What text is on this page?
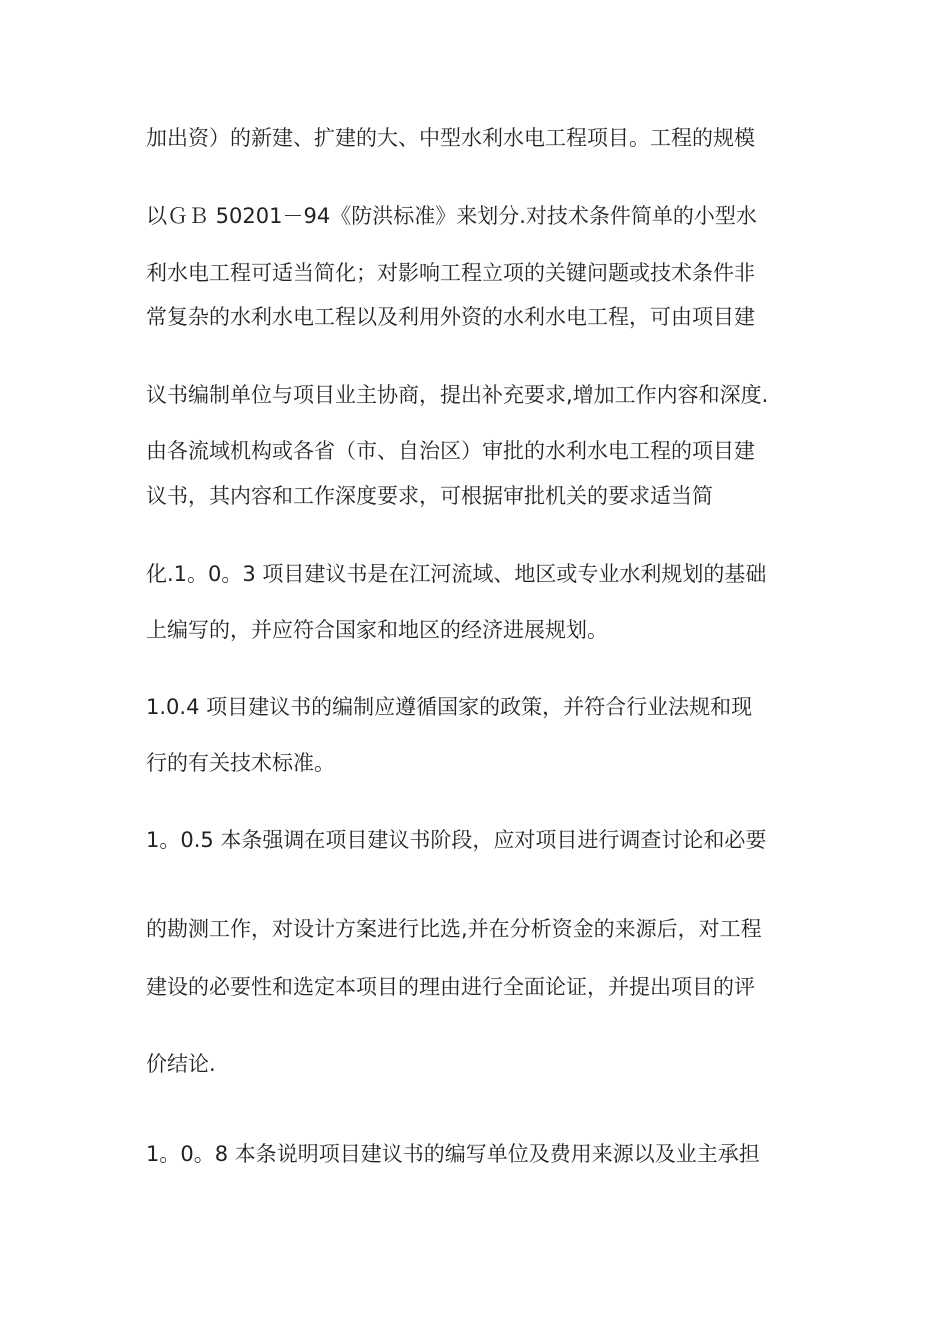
加出资）的新建、扩建的大、中型水利水电工程项目。工程的规模
以ＧＢ 50201－94《防洪标准》来划分.对技术条件简单的小型水
利水电工程可适当简化；对影响工程立项的关键问题或技术条件非
常复杂的水利水电工程以及利用外资的水利水电工程，可由项目建
议书编制单位与项目业主协商，提出补充要求,增加工作内容和深度.
由各流域机构或各省（市、自治区）审批的水利水电工程的项目建
议书，其内容和工作深度要求，可根据审批机关的要求适当简
化.1。0。3 项目建议书是在江河流域、地区或专业水利规划的基础
上编写的，并应符合国家和地区的经济进展规划。
1.0.4 项目建议书的编制应遵循国家的政策，并符合行业法规和现
行的有关技术标准。
1。0.5 本条强调在项目建议书阶段，应对项目进行调查讨论和必要
的勘测工作，对设计方案进行比选,并在分析资金的来源后，对工程
建设的必要性和选定本项目的理由进行全面论证，并提出项目的评
价结论.
1。0。8 本条说明项目建议书的编写单位及费用来源以及业主承担
